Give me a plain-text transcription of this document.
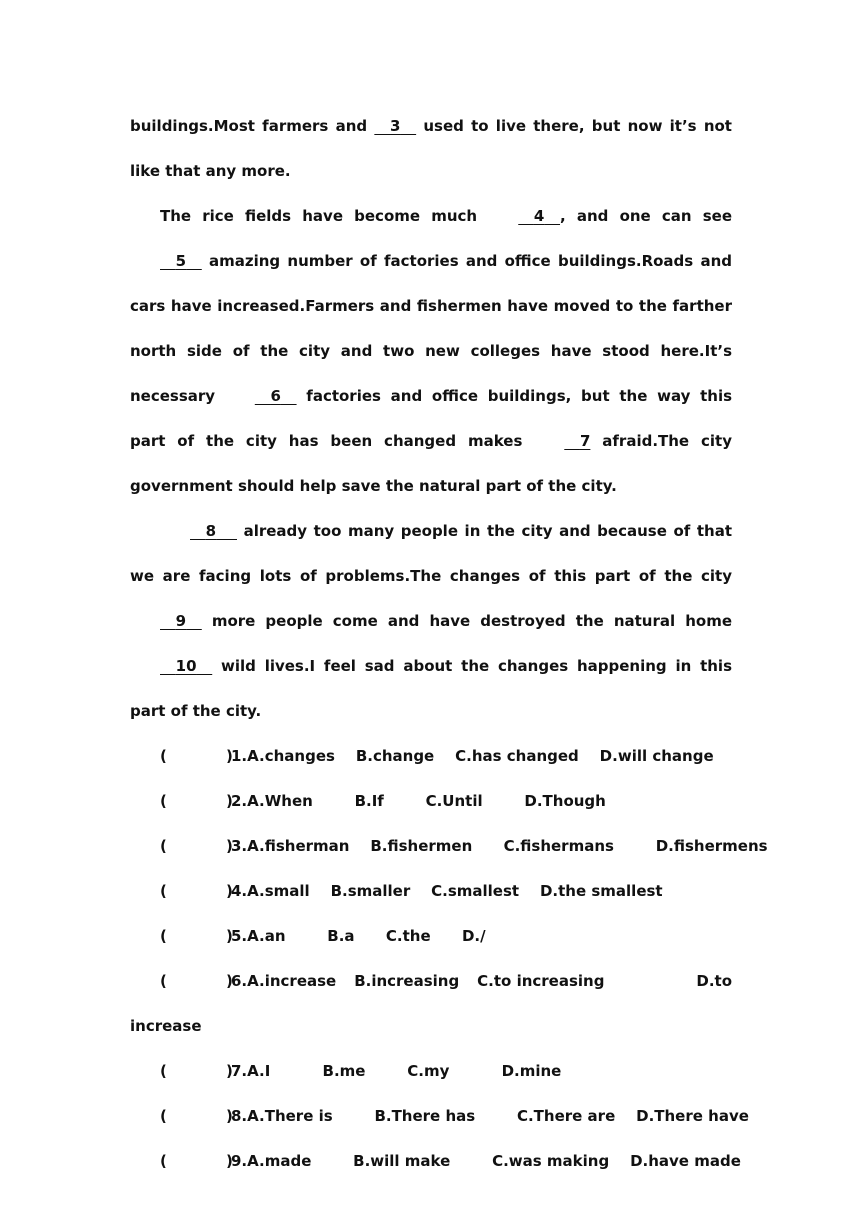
buildings.Most farmers and    3    used to live there, but now it’s not like that any more.

The rice fields have become much	4 , and one can see    5    amazing number of factories and office buildings.Roads and cars have increased.Farmers and fishermen have moved to the farther north side of the city and two new colleges have stood here.It’s necessary	6    factories and office buildings, but the way this part of the city has been changed makes	7 afraid.The city government should help save the natural part of the city.

8     already too many people in the city and because of that we are facing lots of problems.The changes of this part of the city    9    more people come and have destroyed the natural home    10    wild lives.I feel sad about the changes happening in this part of the city.

(	)
1.A.changes    B.change    C.has changed    D.will change
(	)
2.A.When        B.If        C.Until        D.Though
(	)
3.A.fisherman    B.fishermen      C.fishermans        D.fishermens
(	)
4.A.small    B.smaller    C.smallest    D.the smallest
(	)
5.A.an        B.a      C.the      D./
(	)
6.A.increase B.increasing C.to increasing	D.to
increase
(	)
7.A.I          B.me        C.my          D.mine
(	)
8.A.There is        B.There has        C.There are    D.There have
(	)
9.A.made        B.will make        C.was making    D.have made
